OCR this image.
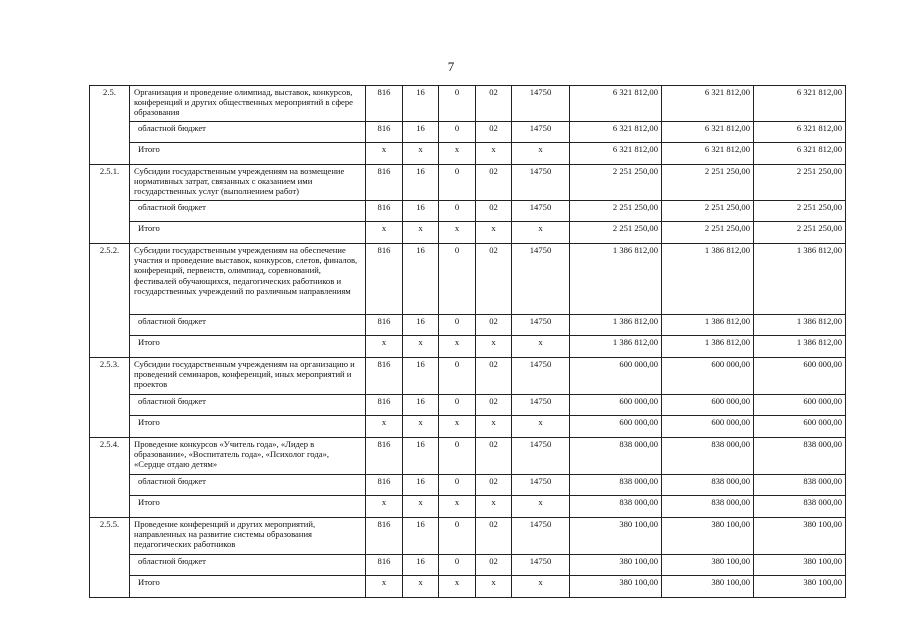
7
2.5.	Организация и проведение олимпиад, выставок, конкурсов, конференций и других общественных мероприятий в сфере образования	816	16	0	02	14750	6 321 812,00	6 321 812,00	6 321 812,00
	областной бюджет	816	16	0	02	14750	6 321 812,00	6 321 812,00	6 321 812,00
	Итого	х	х	х	х	х	6 321 812,00	6 321 812,00	6 321 812,00
2.5.1.	Субсидии государственным учреждениям на возмещение нормативных затрат, связанных с оказанием ими государственных услуг (выполнением работ)	816	16	0	02	14750	2 251 250,00	2 251 250,00	2 251 250,00
	областной бюджет	816	16	0	02	14750	2 251 250,00	2 251 250,00	2 251 250,00
	Итого	х	х	х	х	х	2 251 250,00	2 251 250,00	2 251 250,00
2.5.2.	Субсидии государственным учреждениям на обеспечение участия и проведение выставок, конкурсов, слетов, финалов, конференций, первенств, олимпиад, соревнований, фестивалей обучающихся, педагогических работников и государственных учреждений по различным направлениям	816	16	0	02	14750	1 386 812,00	1 386 812,00	1 386 812,00
	областной бюджет	816	16	0	02	14750	1 386 812,00	1 386 812,00	1 386 812,00
	Итого	х	х	х	х	х	1 386 812,00	1 386 812,00	1 386 812,00
2.5.3.	Субсидии государственным учреждениям на организацию и проведений семинаров, конференций, иных мероприятий и проектов	816	16	0	02	14750	600 000,00	600 000,00	600 000,00
	областной бюджет	816	16	0	02	14750	600 000,00	600 000,00	600 000,00
	Итого	х	х	х	х	х	600 000,00	600 000,00	600 000,00
2.5.4.	Проведение конкурсов «Учитель года», «Лидер в образовании», «Воспитатель года», «Психолог года», «Сердце отдаю детям»	816	16	0	02	14750	838 000,00	838 000,00	838 000,00
	областной бюджет	816	16	0	02	14750	838 000,00	838 000,00	838 000,00
	Итого	х	х	х	х	х	838 000,00	838 000,00	838 000,00
2.5.5.	Проведение конференций и других мероприятий, направленных на развитие системы образования педагогических работников	816	16	0	02	14750	380 100,00	380 100,00	380 100,00
	областной бюджет	816	16	0	02	14750	380 100,00	380 100,00	380 100,00
	Итого	х	х	х	х	х	380 100,00	380 100,00	380 100,00
